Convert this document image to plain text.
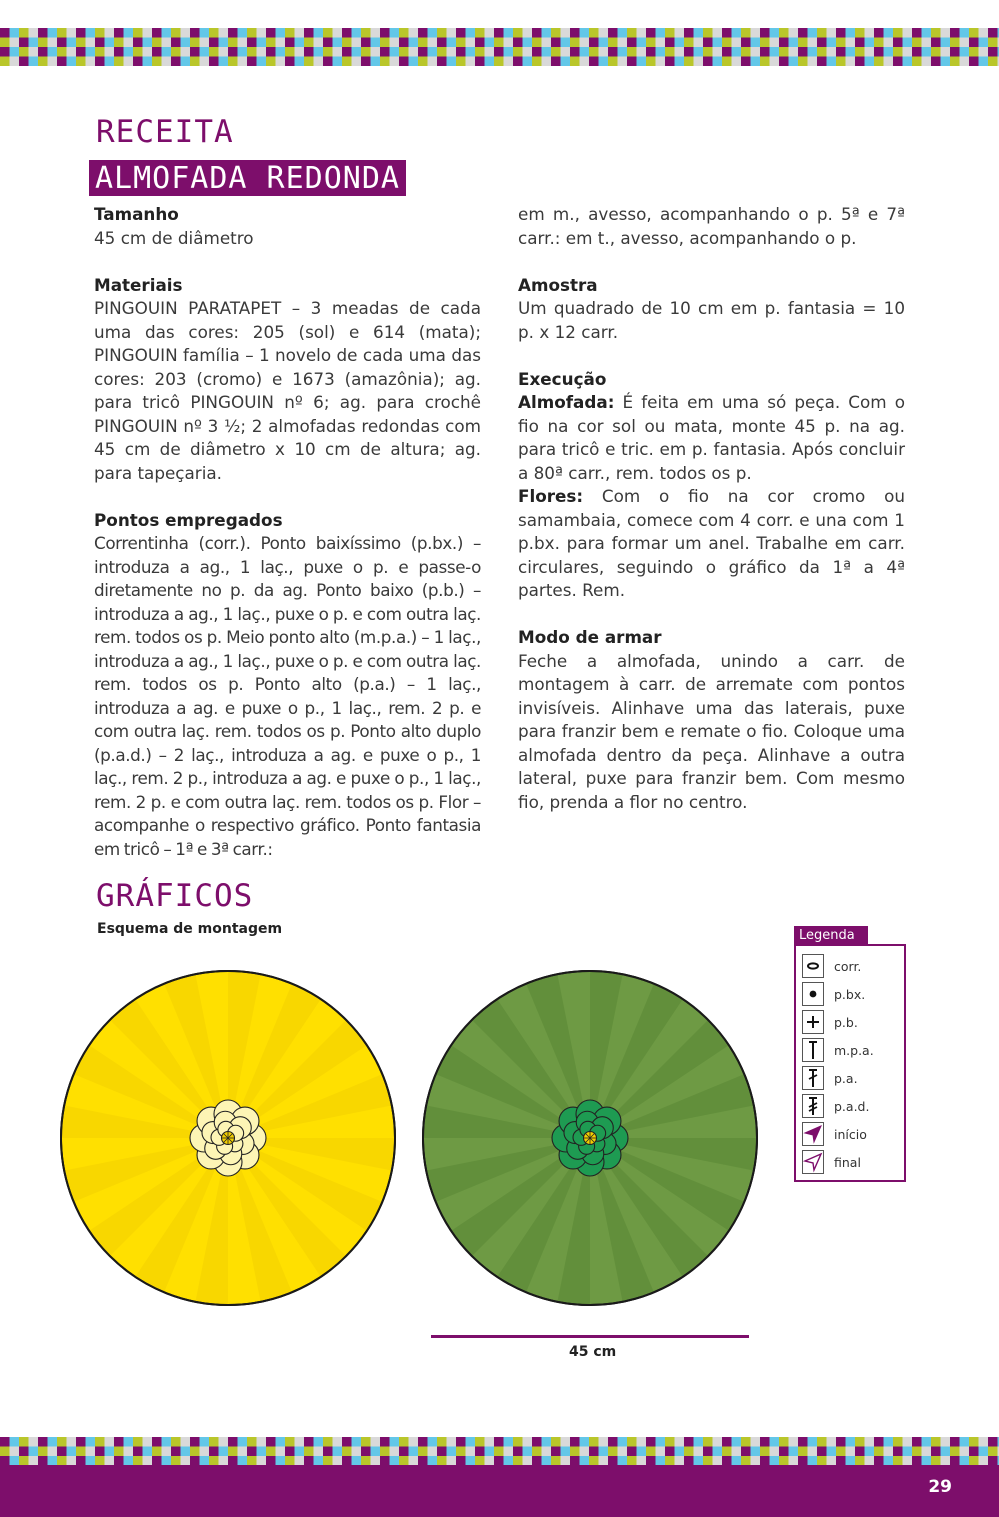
RECEITA
ALMOFADA REDONDA
Tamanho

45 cm de diâmetro

Materiais

PINGOUIN PARATAPET – 3 meadas de cada uma das cores: 205 (sol) e 614 (mata); PINGOUIN família – 1 novelo de cada uma das cores: 203 (cromo) e 1673 (amazônia); ag. para tricô PINGOUIN nº 6; ag. para crochê PINGOUIN nº 3 ½; 2 almofadas redondas com 45 cm de diâmetro x 10 cm de altura; ag. para tapeçaria.

Pontos empregados

Correntinha (corr.). Ponto baixíssimo (p.bx.) – introduza a ag., 1 laç., puxe o p. e passe-o diretamente no p. da ag. Ponto baixo (p.b.) – introduza a ag., 1 laç., puxe o p. e com outra laç. rem. todos os p. Meio ponto alto (m.p.a.) – 1 laç., introduza a ag., 1 laç., puxe o p. e com outra laç. rem. todos os p. Ponto alto (p.a.) – 1 laç., introduza a ag. e puxe o p., 1 laç., rem. 2 p. e com outra laç. rem. todos os p. Ponto alto duplo (p.a.d.) – 2 laç., introduza a ag. e puxe o p., 1 laç., rem. 2 p., introduza a ag. e puxe o p., 1 laç., rem. 2 p. e com outra laç. rem. todos os p. Flor – acompanhe o respectivo gráfico. Ponto fantasia em tricô – 1ª e 3ª carr.:

em m., avesso, acompanhando o p. 5ª e 7ª carr.: em t., avesso, acompanhando o p.

Amostra

Um quadrado de 10 cm em p. fantasia = 10 p. x 12 carr.

Execução

Almofada: É feita em uma só peça. Com o fio na cor sol ou mata, monte 45 p. na ag. para tricô e tric. em p. fantasia. Após concluir a 80ª carr., rem. todos os p.

Flores: Com o fio na cor cromo ou samambaia, comece com 4 corr. e una com 1 p.bx. para formar um anel. Trabalhe em carr. circulares, seguindo o gráfico da 1ª a 4ª partes. Rem.

Modo de armar

Feche a almofada, unindo a carr. de montagem à carr. de arremate com pontos invisíveis. Alinhave uma das laterais, puxe para franzir bem e remate o fio. Coloque uma almofada dentro da peça. Alinhave a outra lateral, puxe para franzir bem. Com mesmo fio, prenda a flor no centro.

GRÁFICOS
Esquema de montagem
45 cm
Legenda
corr.
p.bx.
p.b.
m.p.a.
p.a.
p.a.d.
início
final
29
